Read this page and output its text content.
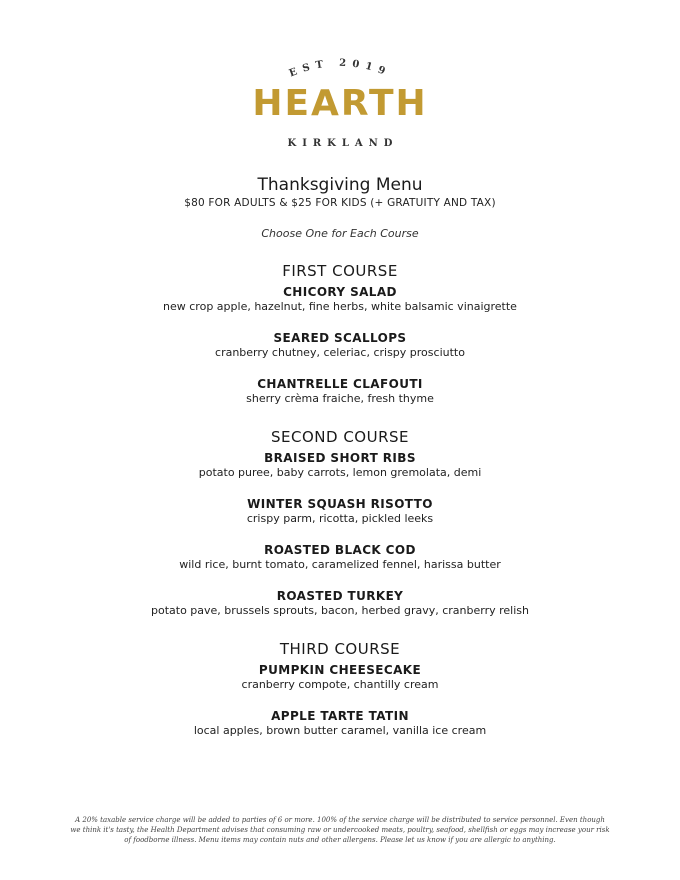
EST 2019
HEARTH
KIRKLAND
Thanksgiving Menu
$80 FOR ADULTS & $25 FOR KIDS (+ GRATUITY AND TAX)
Choose One for Each Course
FIRST COURSE
CHICORY SALAD
new crop apple, hazelnut, fine herbs, white balsamic vinaigrette
SEARED SCALLOPS
cranberry chutney, celeriac, crispy prosciutto
CHANTRELLE CLAFOUTI
sherry crèma fraiche, fresh thyme
SECOND COURSE
BRAISED SHORT RIBS
potato puree, baby carrots, lemon gremolata, demi
WINTER SQUASH RISOTTO
crispy parm, ricotta, pickled leeks
ROASTED BLACK COD
wild rice, burnt tomato, caramelized fennel, harissa butter
ROASTED TURKEY
potato pave, brussels sprouts, bacon, herbed gravy, cranberry relish
THIRD COURSE
PUMPKIN CHEESECAKE
cranberry compote, chantilly cream
APPLE TARTE TATIN
local apples, brown butter caramel, vanilla ice cream
A 20% taxable service charge will be added to parties of 6 or more. 100% of the service charge will be distributed to service personnel. Even though we think it's tasty, the Health Department advises that consuming raw or undercooked meats, poultry, seafood, shellfish or eggs may increase your risk of foodborne illness. Menu items may contain nuts and other allergens. Please let us know if you are allergic to anything.
